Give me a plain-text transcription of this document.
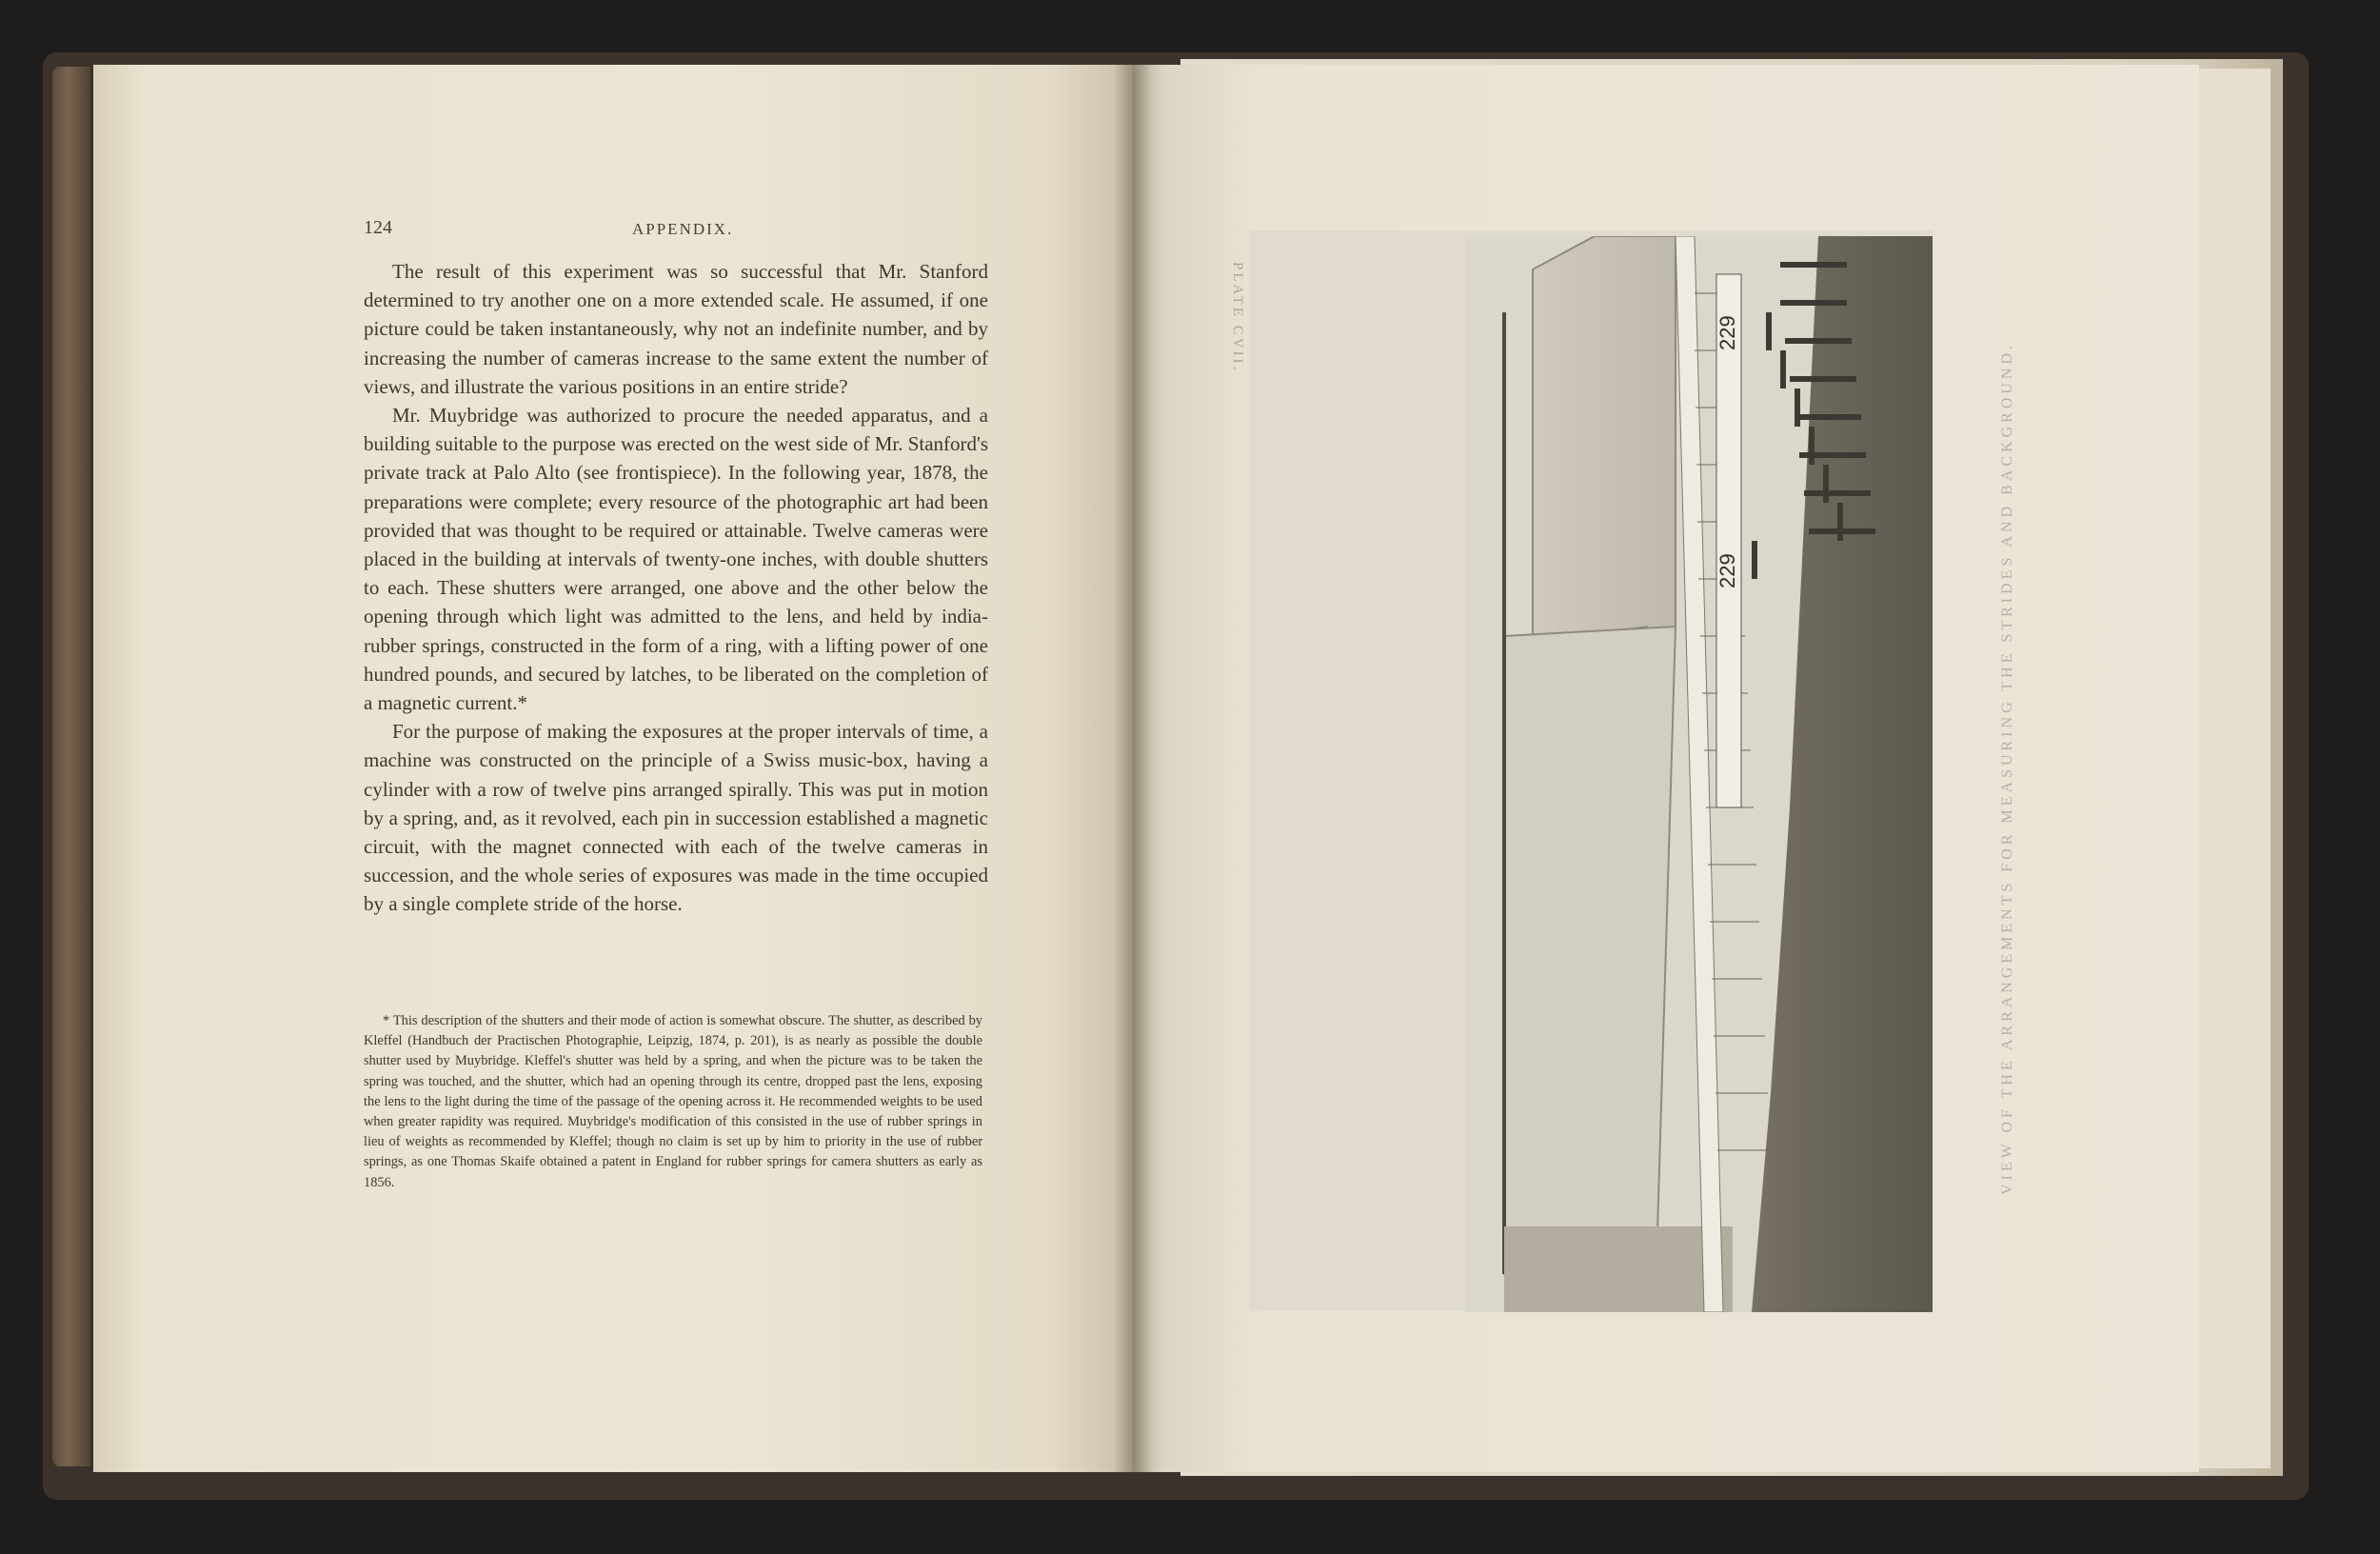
124	APPENDIX.

The result of this experiment was so successful that Mr. Stanford determined to try another one on a more extended scale. He assumed, if one picture could be taken instantaneously, why not an indefinite number, and by increasing the number of cameras increase to the same extent the number of views, and illustrate the various positions in an entire stride?

Mr. Muybridge was authorized to procure the needed apparatus, and a building suitable to the purpose was erected on the west side of Mr. Stanford's private track at Palo Alto (see frontispiece). In the following year, 1878, the preparations were complete; every resource of the photographic art had been provided that was thought to be required or attainable. Twelve cameras were placed in the building at intervals of twenty-one inches, with double shutters to each. These shutters were arranged, one above and the other below the opening through which light was admitted to the lens, and held by india-rubber springs, constructed in the form of a ring, with a lifting power of one hundred pounds, and secured by latches, to be liberated on the completion of a magnetic current.*

For the purpose of making the exposures at the proper intervals of time, a machine was constructed on the principle of a Swiss music-box, having a cylinder with a row of twelve pins arranged spirally. This was put in motion by a spring, and, as it revolved, each pin in succession established a magnetic circuit, with the magnet connected with each of the twelve cameras in succession, and the whole series of exposures was made in the time occupied by a single complete stride of the horse.

* This description of the shutters and their mode of action is somewhat obscure. The shutter, as described by Kleffel (Handbuch der Practischen Photographie, Leipzig, 1874, p. 201), is as nearly as possible the double shutter used by Muybridge. Kleffel's shutter was held by a spring, and when the picture was to be taken the spring was touched, and the shutter, which had an opening through its centre, dropped past the lens, exposing the lens to the light during the time of the passage of the opening across it. He recommended weights to be used when greater rapidity was required. Muybridge's modification of this consisted in the use of rubber springs in lieu of weights as recommended by Kleffel; though no claim is set up by him to priority in the use of rubber springs, as one Thomas Skaife obtained a patent in England for rubber springs for camera shutters as early as 1856.

229
229
PLATE CVII.
VIEW OF THE ARRANGEMENTS FOR MEASURING THE STRIDES AND BACKGROUND.
